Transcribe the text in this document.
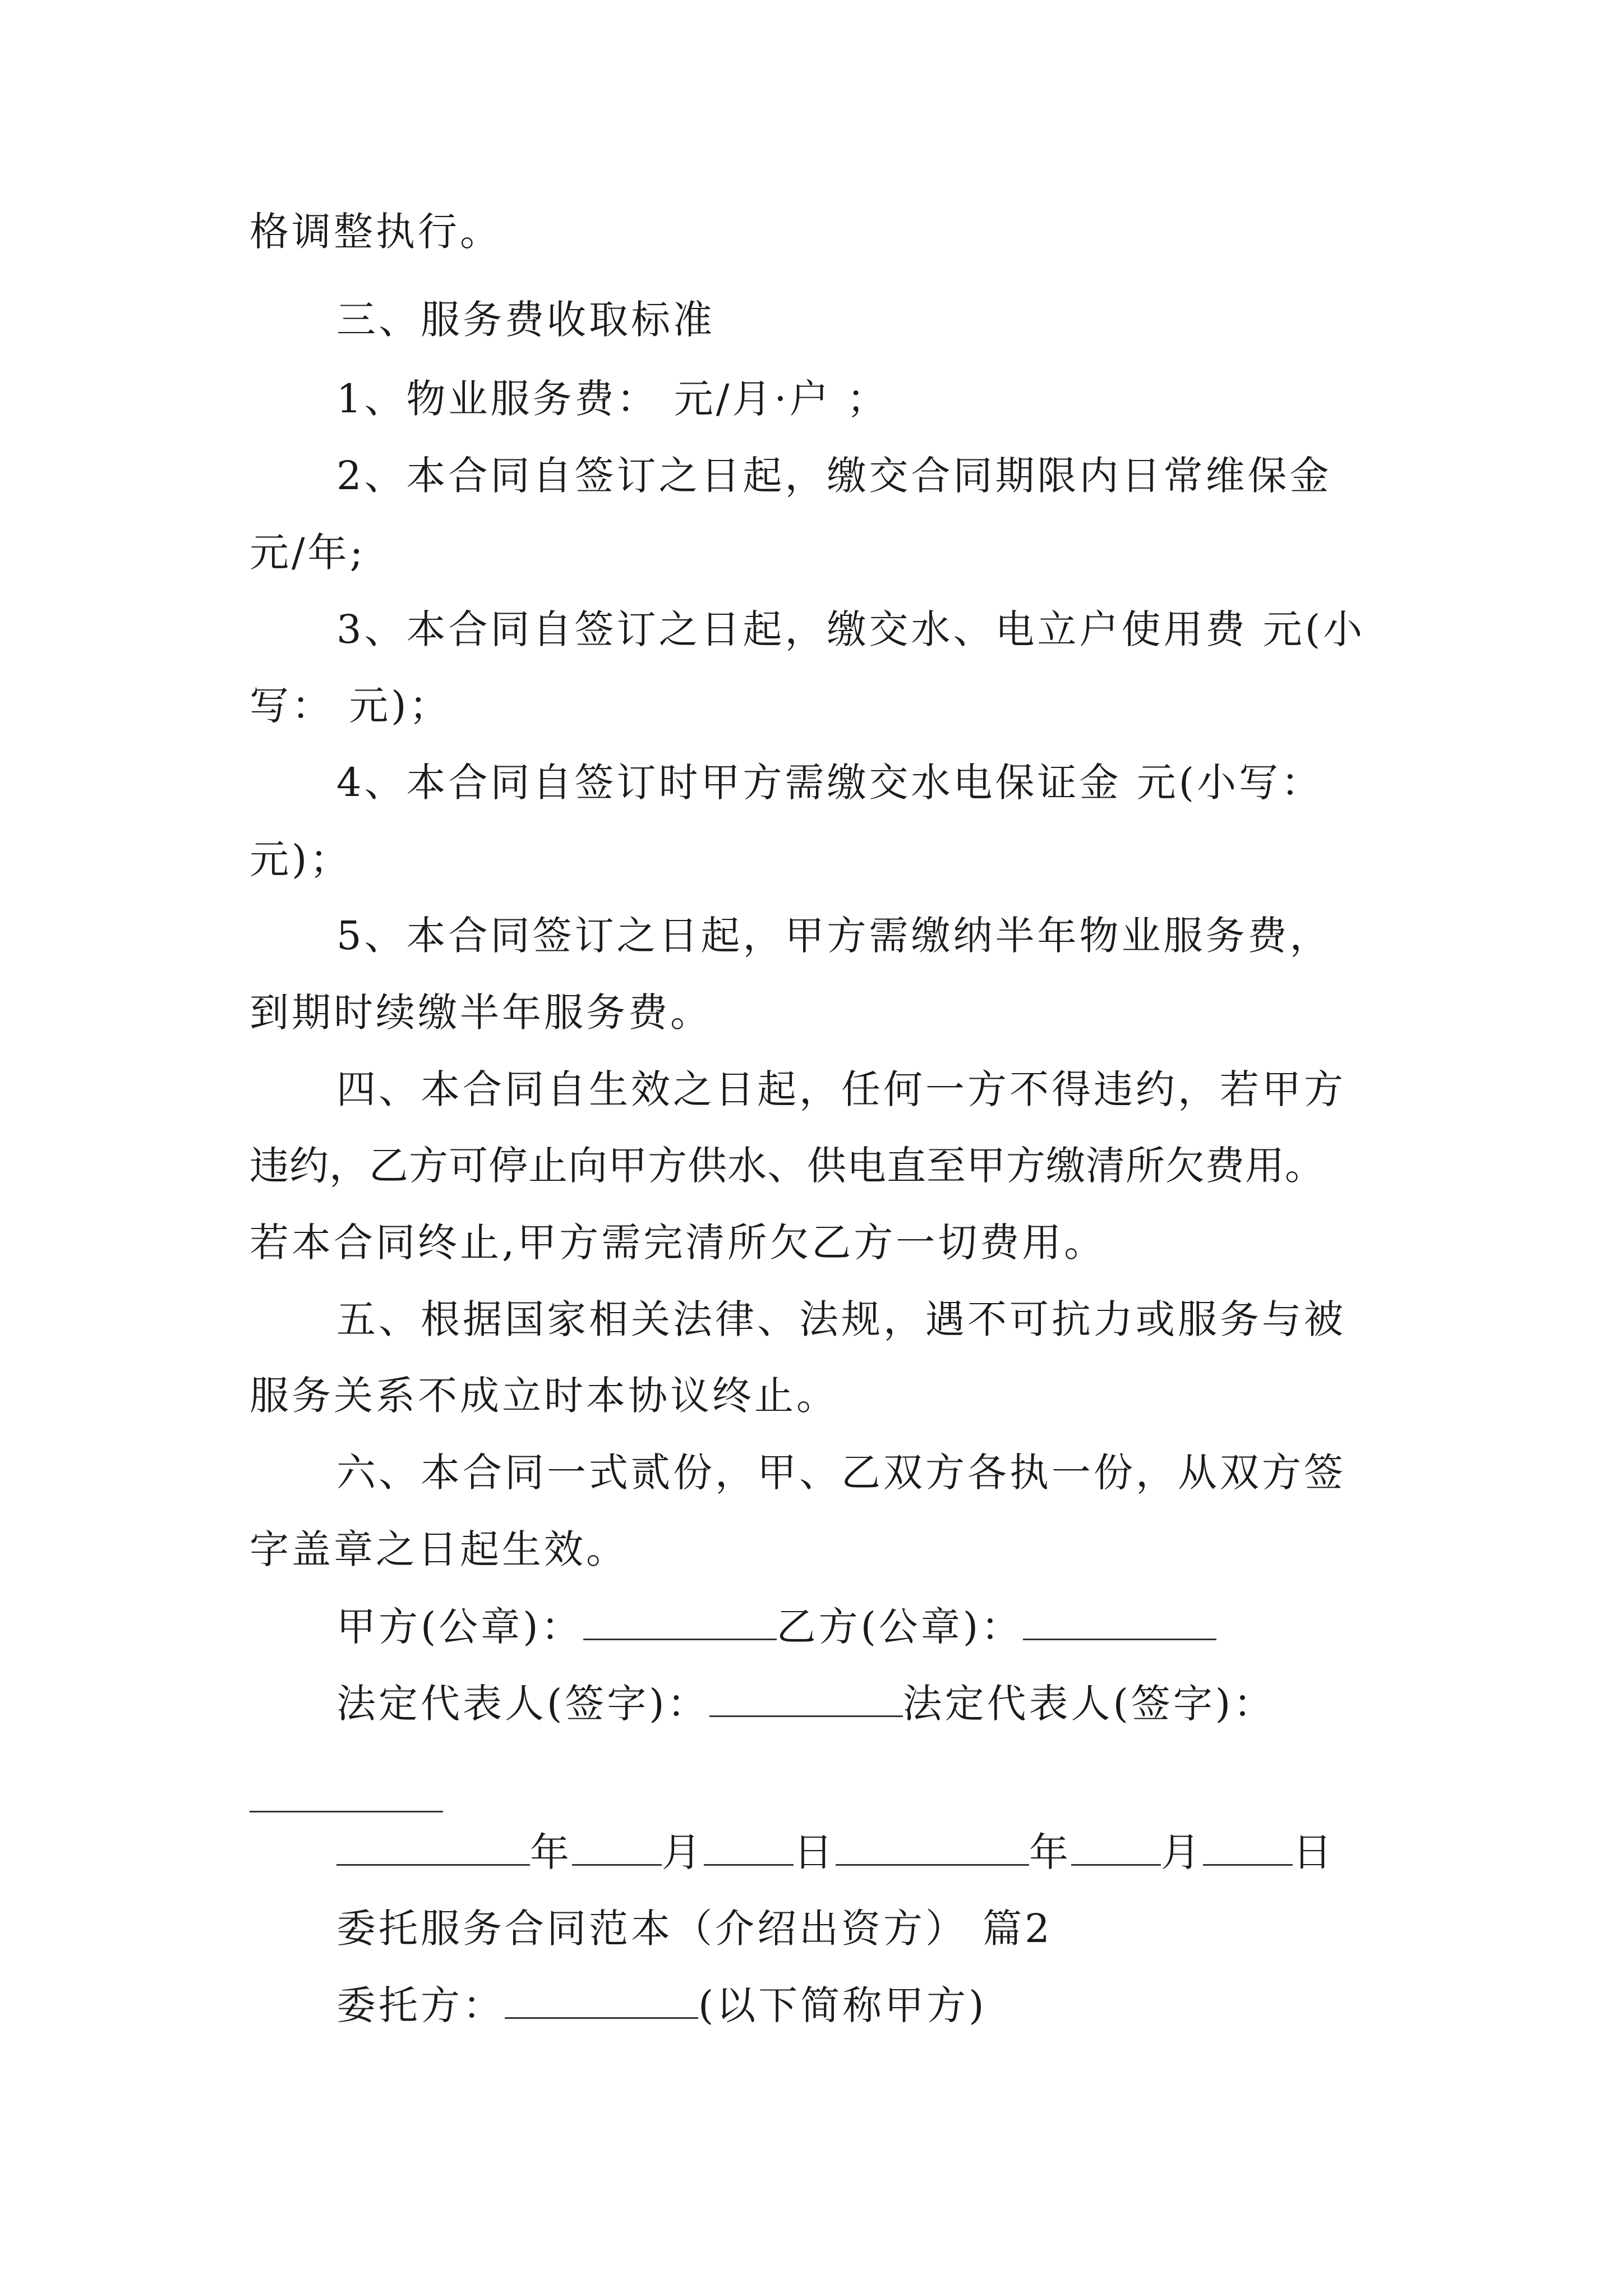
格调整执行。
三、服务费收取标准
1、物业服务费： 元/月·户 ；
2、本合同自签订之日起，缴交合同期限内日常维保金
元/年;
3、本合同自签订之日起，缴交水、电立户使用费 元(小
写： 元)；
4、本合同自签订时甲方需缴交水电保证金 元(小写：
元)；
5、本合同签订之日起，甲方需缴纳半年物业服务费，
到期时续缴半年服务费。
四、本合同自生效之日起，任何一方不得违约，若甲方
违约，乙方可停止向甲方供水、供电直至甲方缴清所欠费用。
若本合同终止,甲方需完清所欠乙方一切费用。
五、根据国家相关法律、法规，遇不可抗力或服务与被
服务关系不成立时本协议终止。
六、本合同一式贰份，甲、乙双方各执一份，从双方签
字盖章之日起生效。
甲方(公章)：	乙方(公章)：
法定代表人(签字)：	法定代表人(签字)：
年 月 日	年 月 日
委托服务合同范本（介绍出资方） 篇2
委托方：	(以下简称甲方)
